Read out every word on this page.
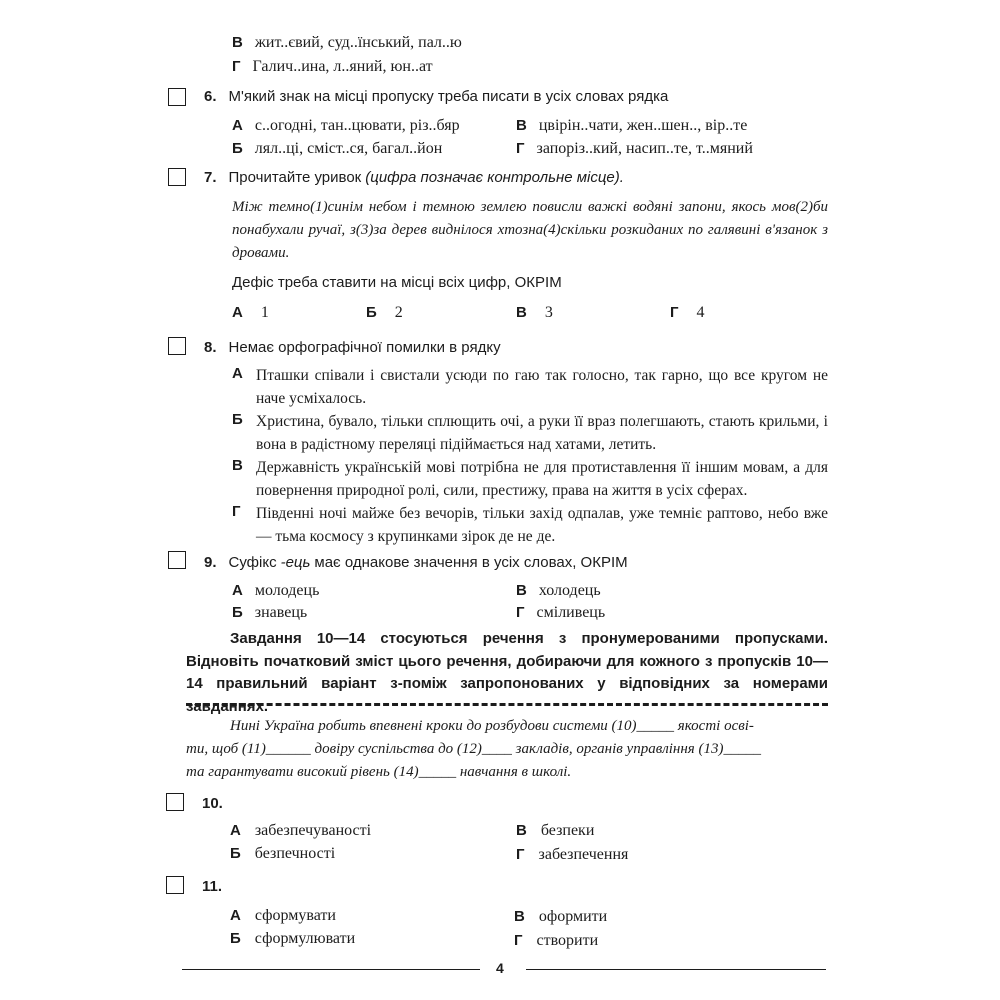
В жит..євий, суд..їнський, пал..ю
Г Галич..ина, л..яний, юн..ат
6. М'який знак на місці пропуску треба писати в усіх словах рядка
А с..огодні, тан..цювати, різ..бяр
Б лял..ці, сміст..ся, багал..йон
В цвірін..чати, жен..шен.., вір..те
Г запоріз..кий, насип..те, т..мяний
7. Прочитайте уривок (цифра позначає контрольне місце).
Між темно(1)синім небом і темною землею повисли важкі водяні запони, якось мов(2)би понабухали ручаї, з(3)за дерев виднілося хтозна(4)скільки розкиданих по галявині в'язанок з дровами.
Дефіс треба ставити на місці всіх цифр, ОКРІМ
А 1	Б 2	В 3	Г 4
8. Немає орфографічної помилки в рядку
А Пташки співали і свистали усюди по гаю так голосно, так гарно, що все кругом не наче усміхалось.
Б Христина, бувало, тільки сплющить очі, а руки її враз полегшають, стають крильми, і вона в радістному переляці підіймається над хатами, летить.
В Державність українській мові потрібна не для протиставлення її іншим мовам, а для повернення природної ролі, сили, престижу, права на життя в усіх сферах.
Г Південні ночі майже без вечорів, тільки захід одпалав, уже темніє раптово, небо вже — тьма космосу з крупинками зірок де не де.
9. Суфікс -ець має однакове значення в усіх словах, ОКРІМ
А молодець
Б знавець
В холодець
Г сміливець
Завдання 10—14 стосуються речення з пронумерованими пропусками. Відновіть початковий зміст цього речення, добираючи для кожного з пропусків 10—14 правильний варіант з-поміж запропонованих у відповідних за номерами завданнях.
Нині Україна робить впевнені кроки до розбудови системи (10)_____ якості осві-
ти, щоб (11)______ довіру суспільства до (12)____ закладів, органів управління (13)_____
та гарантувати високий рівень (14)_____ навчання в школі.
10.
А забезпечуваності
Б безпечності
В безпеки
Г забезпечення
11.
А сформувати
Б сформулювати
В оформити
Г створити
4
